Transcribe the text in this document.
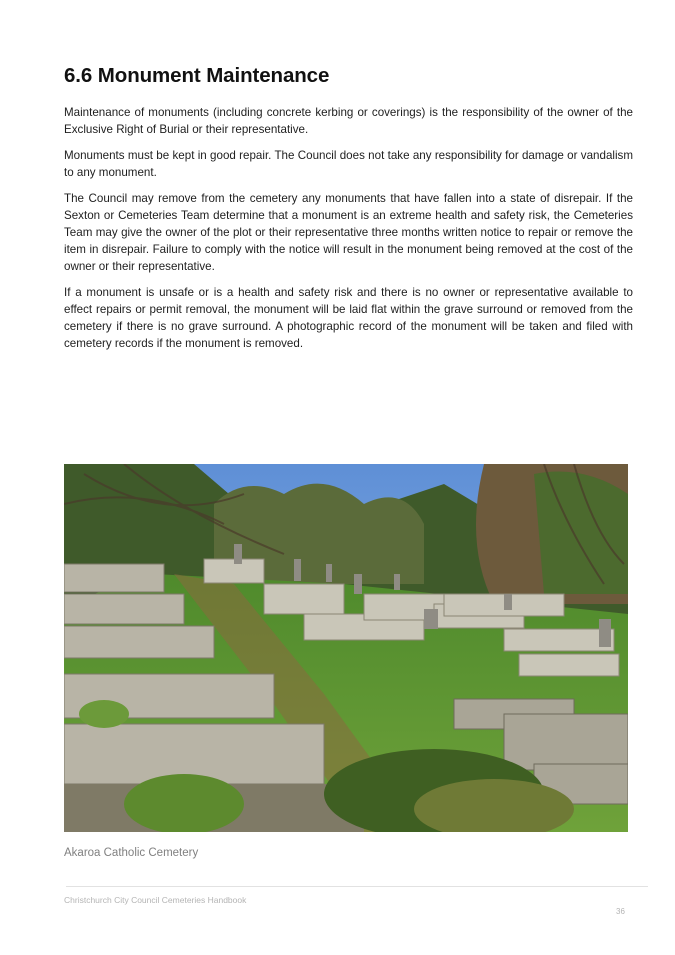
6.6 Monument Maintenance

Maintenance of monuments (including concrete kerbing or coverings) is the responsibility of the owner of the Exclusive Right of Burial or their representative.

Monuments must be kept in good repair. The Council does not take any responsibility for damage or vandalism to any monument.

The Council may remove from the cemetery any monuments that have fallen into a state of disrepair. If the Sexton or Cemeteries Team determine that a monument is an extreme health and safety risk, the Cemeteries Team may give the owner of the plot or their representative three months written notice to repair or remove the item in disrepair. Failure to comply with the notice will result in the monument being removed at the cost of the owner or their representative.

If a monument is unsafe or is a health and safety risk and there is no owner or representative available to effect repairs or permit removal, the monument will be laid flat within the grave surround or removed from the cemetery if there is no grave surround. A photographic record of the monument will be taken and filed with cemetery records if the monument is removed.

Akaroa Catholic Cemetery
Christchurch City Council Cemeteries Handbook
36
